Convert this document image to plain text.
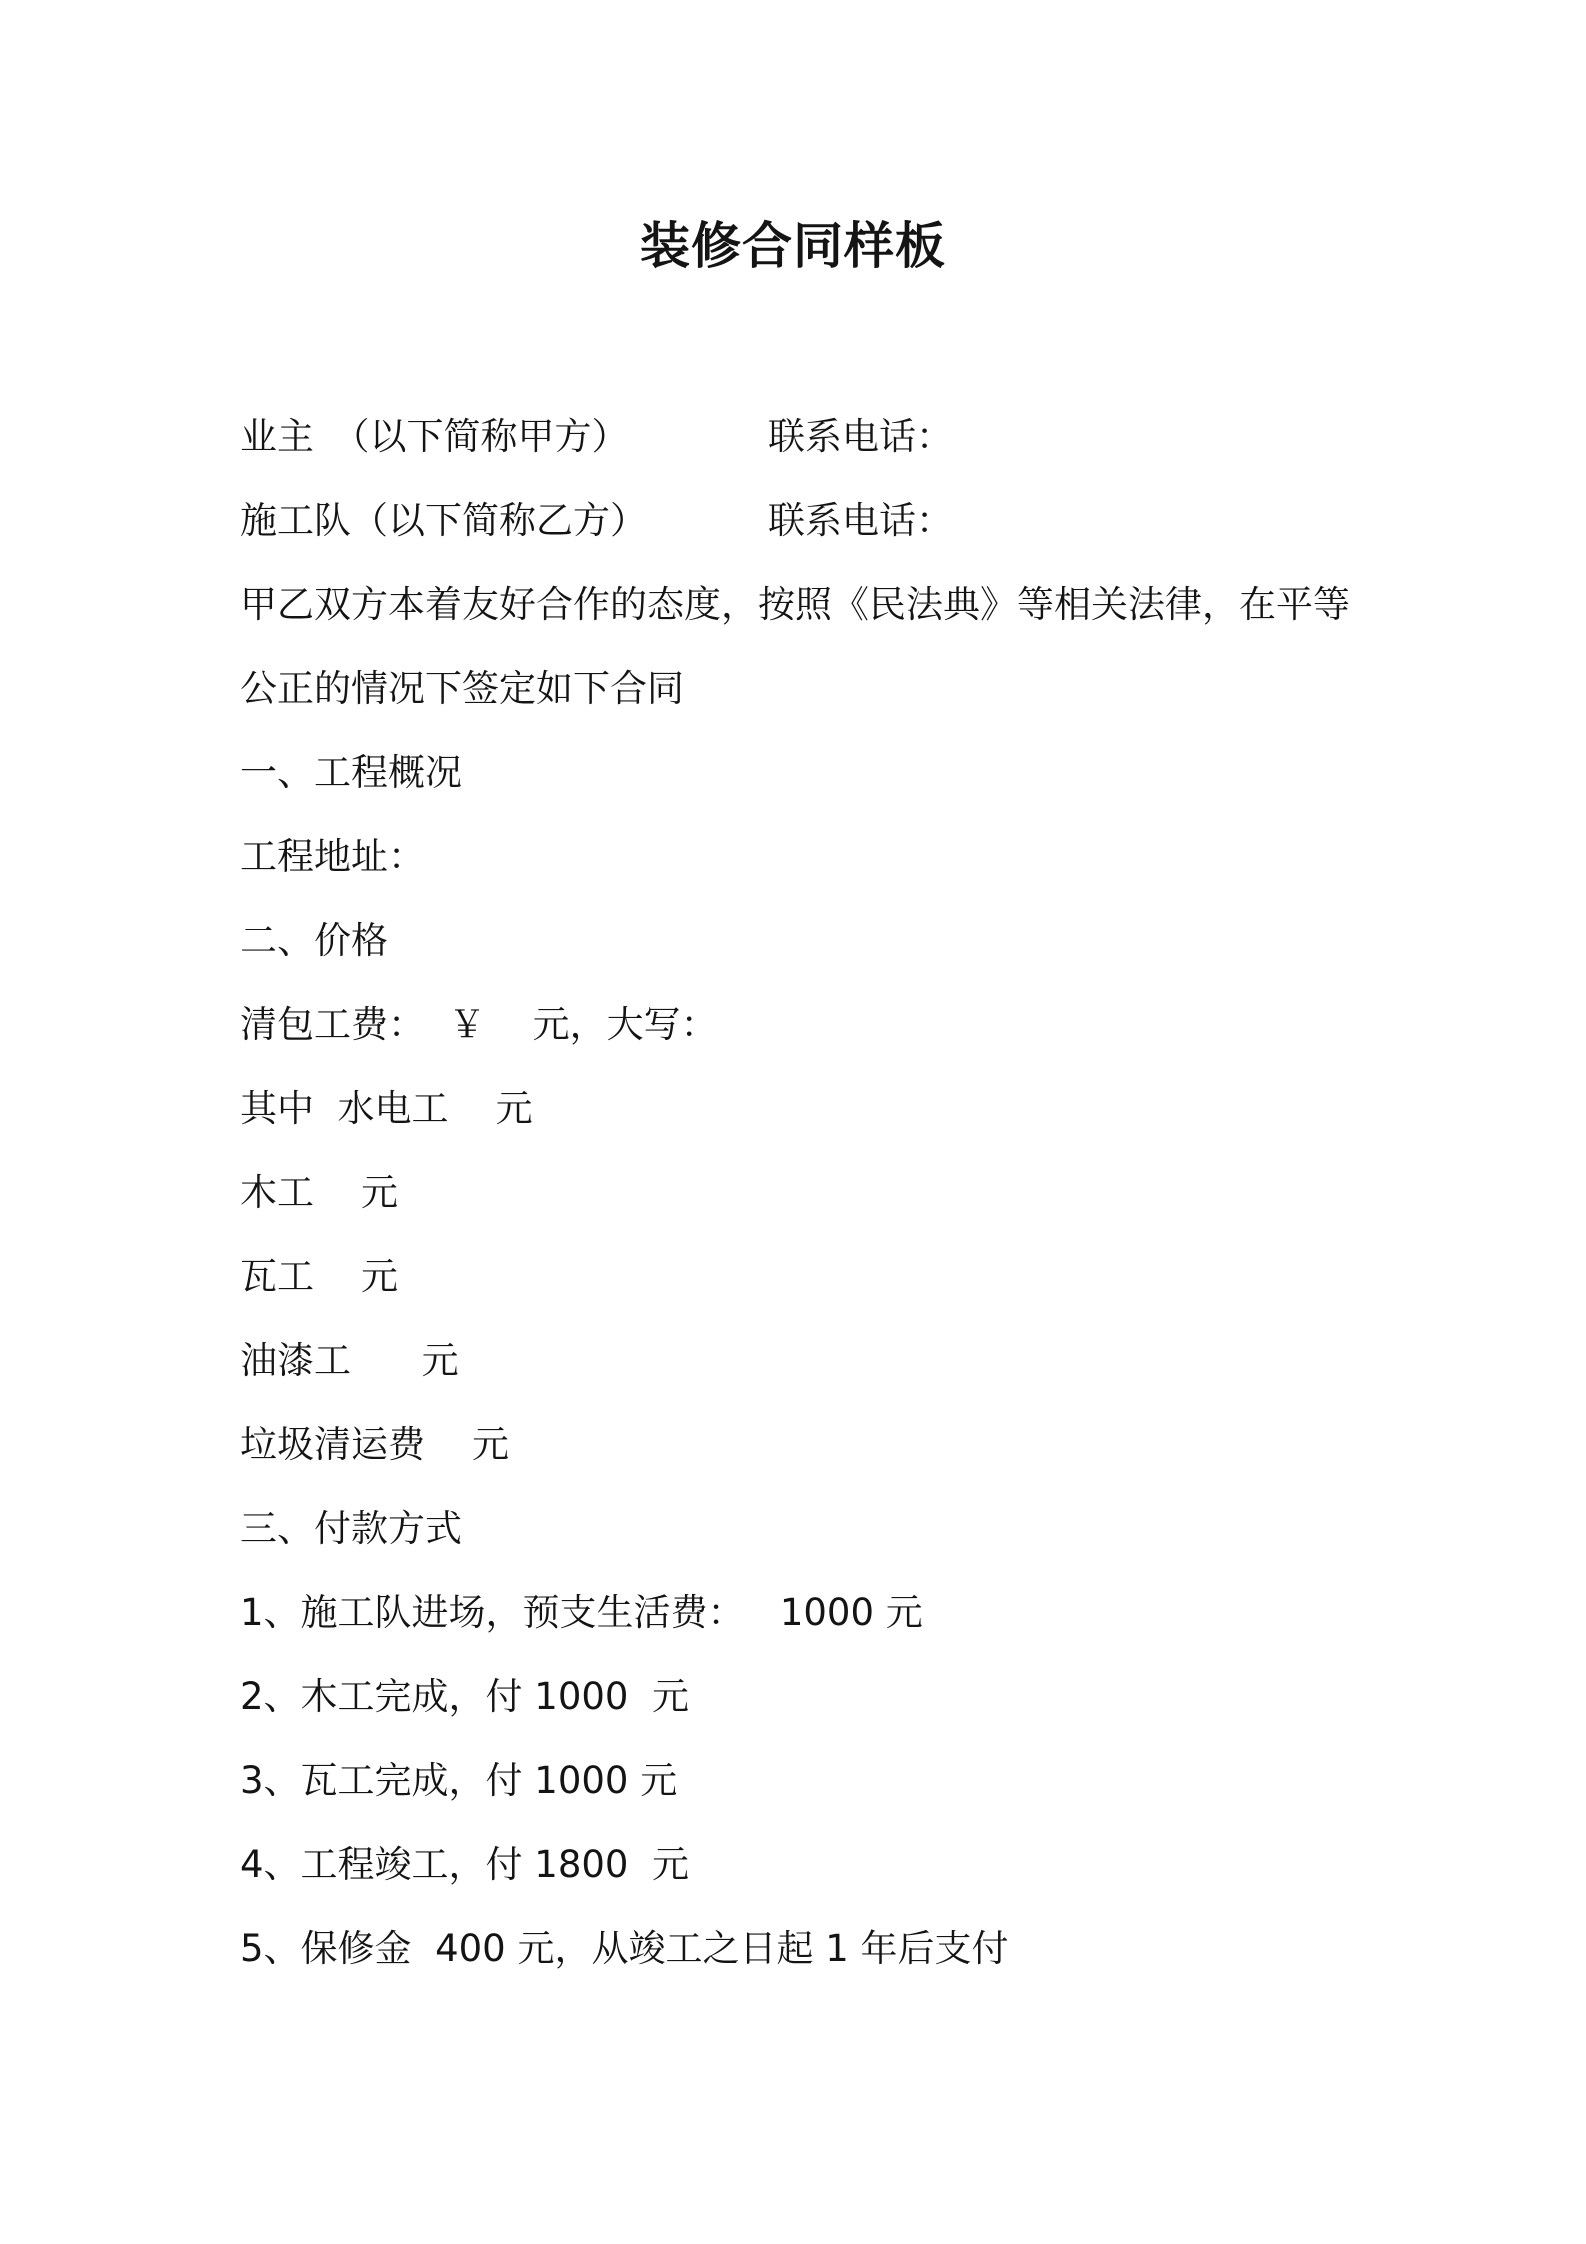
装修合同样板
业主　（以下简称甲方）	联系电话：
施工队（以下简称乙方）	联系电话：
甲乙双方本着友好合作的态度，按照《民法典》等相关法律，在平等
公正的情况下签定如下合同
一、工程概况
工程地址：
二、价格
清包工费：  ￥    元，大写：
其中  水电工    元
木工    元
瓦工    元
油漆工      元
垃圾清运费    元
三、付款方式
1、施工队进场，预支生活费：   1000 元
2、木工完成，付 1000  元
3、瓦工完成，付 1000 元
4、工程竣工，付 1800  元
5、保修金  400 元，从竣工之日起 1 年后支付
